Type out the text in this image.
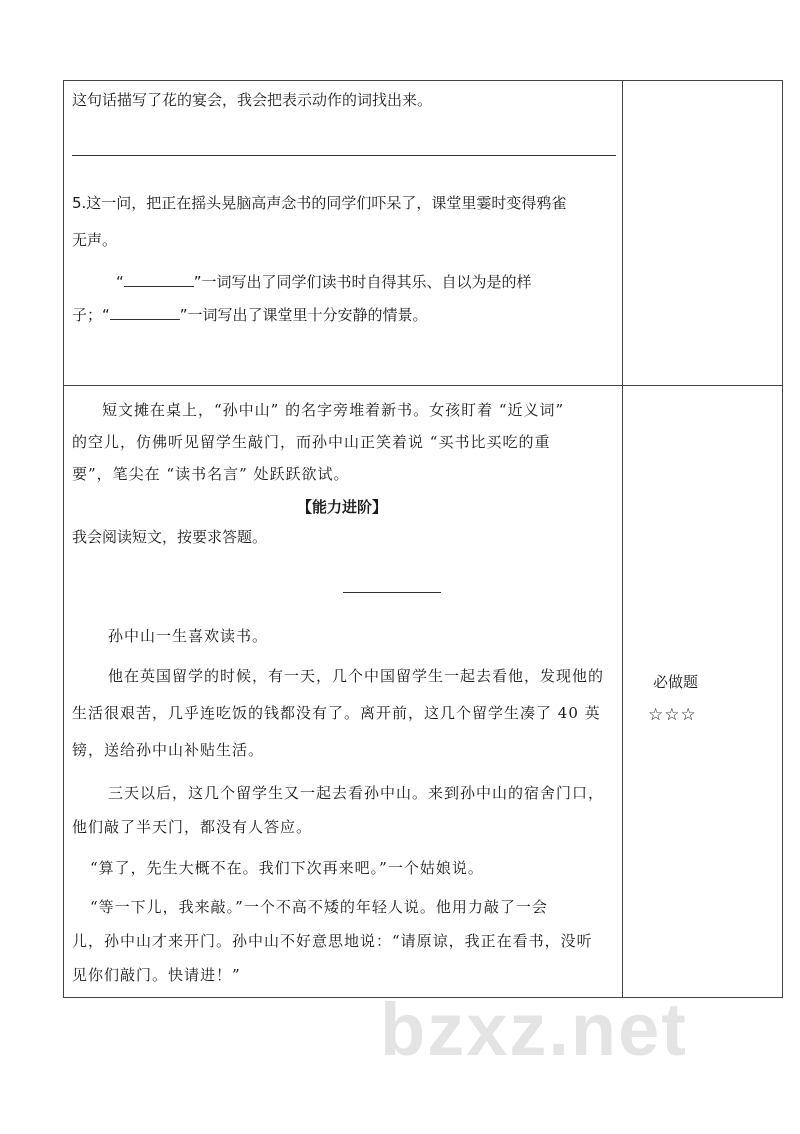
这句话描写了花的宴会，我会把表示动作的词找出来。
5.这一问，把正在摇头晃脑高声念书的同学们吓呆了，课堂里霎时变得鸦雀
无声。
“	”一词写出了同学们读书时自得其乐、自以为是的样
子；“	”一词写出了课堂里十分安静的情景。
短文摊在桌上，“孙中山” 的名字旁堆着新书。女孩盯着 “近义词”
的空儿，仿佛听见留学生敲门，而孙中山正笑着说 “买书比买吃的重
要”，笔尖在 “读书名言” 处跃跃欲试。
【能力进阶】
我会阅读短文，按要求答题。
孙中山一生喜欢读书。
他在英国留学的时候，有一天，几个中国留学生一起去看他，发现他的
生活很艰苦，几乎连吃饭的钱都没有了。离开前，这几个留学生凑了 40 英
镑，送给孙中山补贴生活。
三天以后，这几个留学生又一起去看孙中山。来到孙中山的宿舍门口，
他们敲了半天门，都没有人答应。
“算了，先生大概不在。我们下次再来吧。”一个姑娘说。
“等一下儿，我来敲。”一个不高不矮的年轻人说。他用力敲了一会
儿，孙中山才来开门。孙中山不好意思地说：“请原谅，我正在看书，没听
见你们敲门。快请进！”
必做题
☆☆☆
bzxz.net
